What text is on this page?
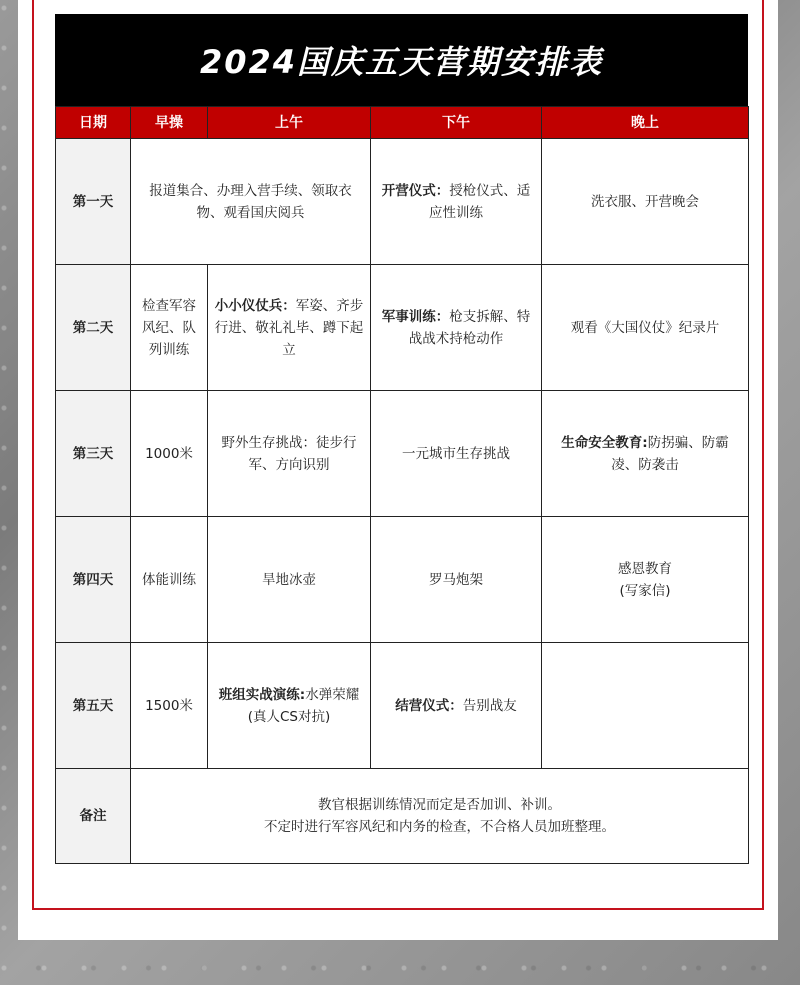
2024国庆五天营期安排表
日期	早操	上午	下午	晚上
第一天	报道集合、办理入营手续、领取衣物、观看国庆阅兵		开营仪式：授枪仪式、适应性训练	洗衣服、开营晚会
第二天	检查军容风纪、队列训练	小小仪仗兵：军姿、齐步行进、敬礼礼毕、蹲下起立	军事训练：枪支拆解、特战战术持枪动作	观看《大国仪仗》纪录片
第三天	1000米	野外生存挑战：徒步行军、方向识别	一元城市生存挑战	生命安全教育:防拐骗、防霸凌、防袭击
第四天	体能训练	旱地冰壶	罗马炮架	感恩教育
(写家信)

第五天	1500米	班组实战演练:水弹荣耀(真人CS对抗)	结营仪式：告别战友	
备注	教官根据训练情况而定是否加训、补训。
不定时进行军容风纪和内务的检查，不合格人员加班整理。			
